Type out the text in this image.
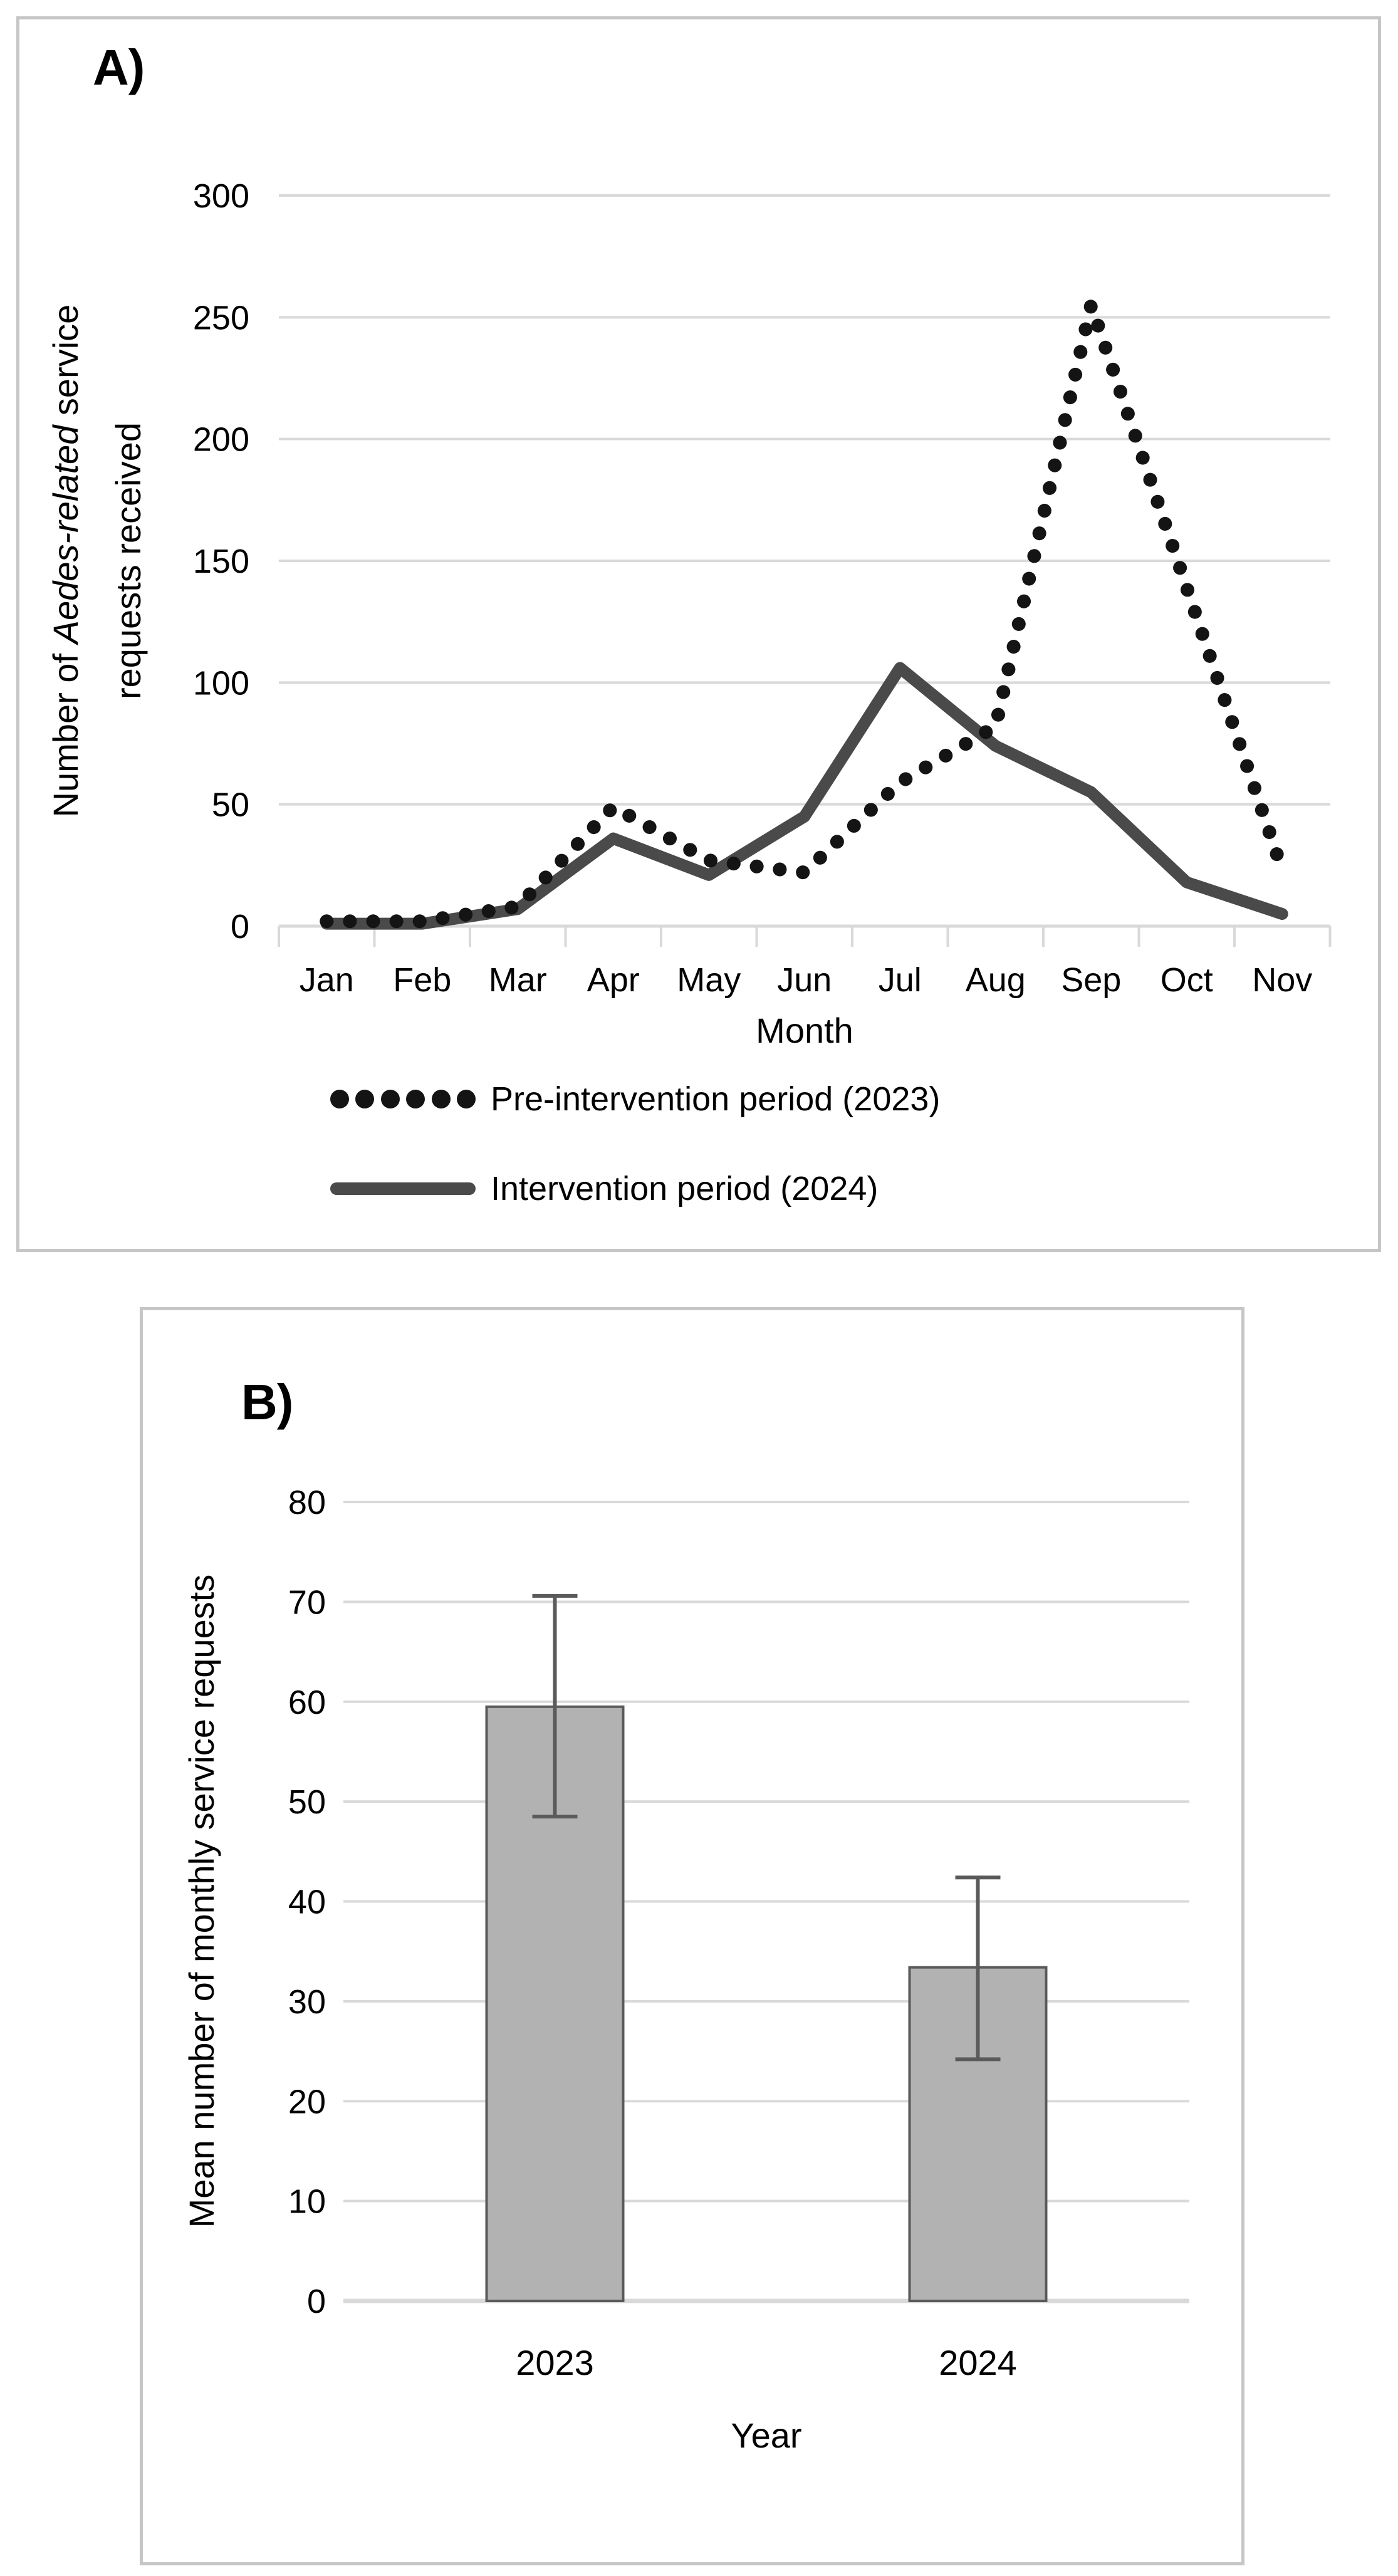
0
50
100
150
200
250
300
Jan Feb Mar Apr May Jun Jul Aug Sep Oct Nov
0
10
20
30
40
50
60
70
80
2023	2024
A)
Number of Aedes-related service
requests received
Month
Pre-intervention period (2023)
Intervention period (2024)
B)
Mean number of monthly service requests
Year
